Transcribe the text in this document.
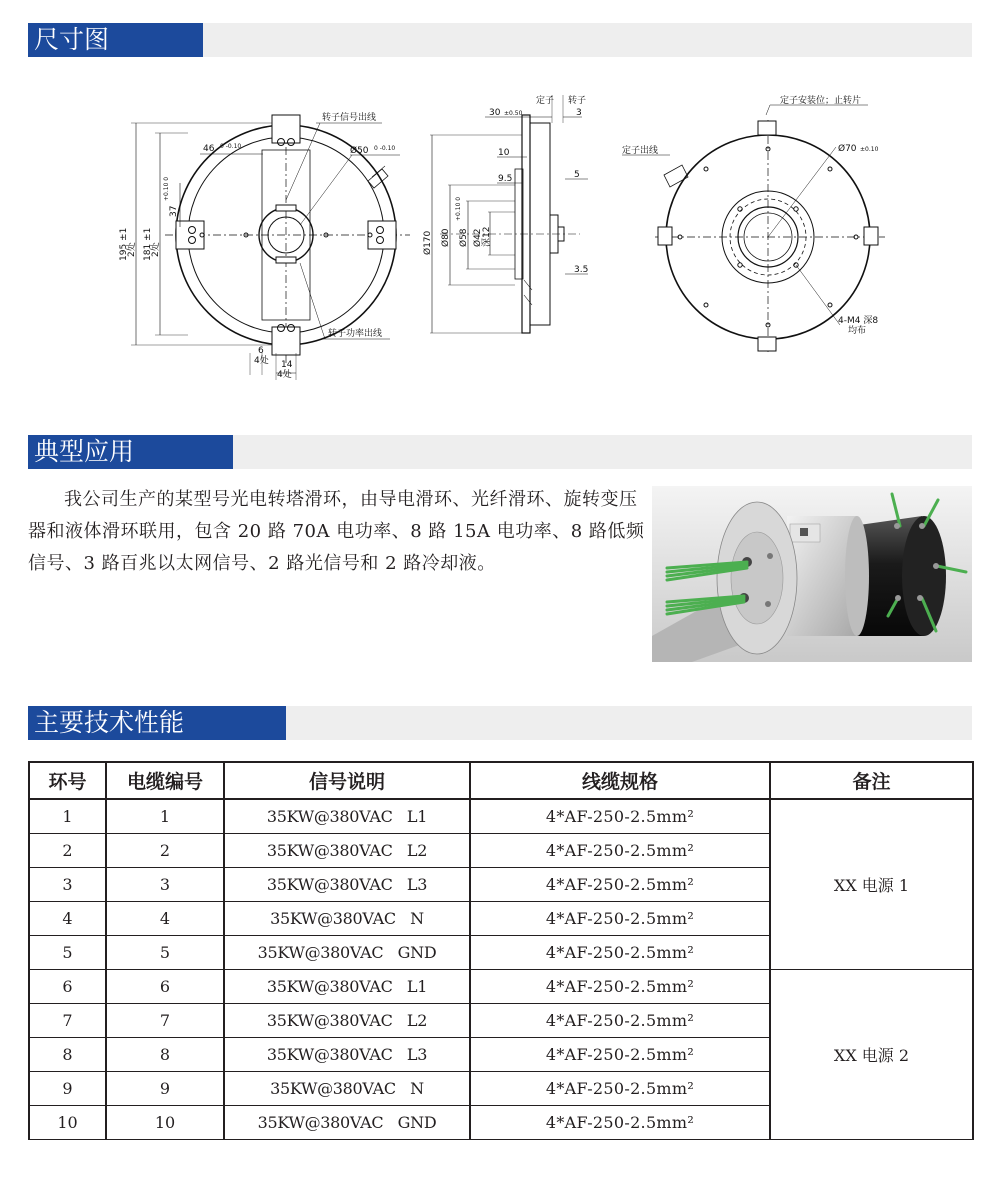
尺寸图
转子信号出线
转子功率出线
46 0 -0.10	Ø50 0 -0.10
195 ±1
2处 181 ±1
2处
37
+0.10 0
6
4处 14
4处
定子 转子
30 ±0.50	3
10
9.5	5
3.5
Ø170 Ø80 Ø58
+0.10 0
Ø42 深12
定子安装位；止转片
定子出线	Ø70 ±0.10
4-M4 深8
均布
典型应用
我公司生产的某型号光电转塔滑环，由导电滑环、光纤滑环、旋转变压器和液体滑环联用，包含 20 路 70A 电功率、8 路 15A 电功率、8 路低频信号、3 路百兆以太网信号、2 路光信号和 2 路冷却液。
主要技术性能
环号	电缆编号	信号说明	线缆规格	备注
1	1	35KW@380VAC   L1	4*AF-250-2.5mm²	XX 电源 1
2	2	35KW@380VAC   L2	4*AF-250-2.5mm²	
3	3	35KW@380VAC   L3	4*AF-250-2.5mm²	
4	4	35KW@380VAC   N	4*AF-250-2.5mm²	
5	5	35KW@380VAC   GND	4*AF-250-2.5mm²	
6	6	35KW@380VAC   L1	4*AF-250-2.5mm²	XX 电源 2
7	7	35KW@380VAC   L2	4*AF-250-2.5mm²	
8	8	35KW@380VAC   L3	4*AF-250-2.5mm²	
9	9	35KW@380VAC   N	4*AF-250-2.5mm²	
10	10	35KW@380VAC   GND	4*AF-250-2.5mm²	
